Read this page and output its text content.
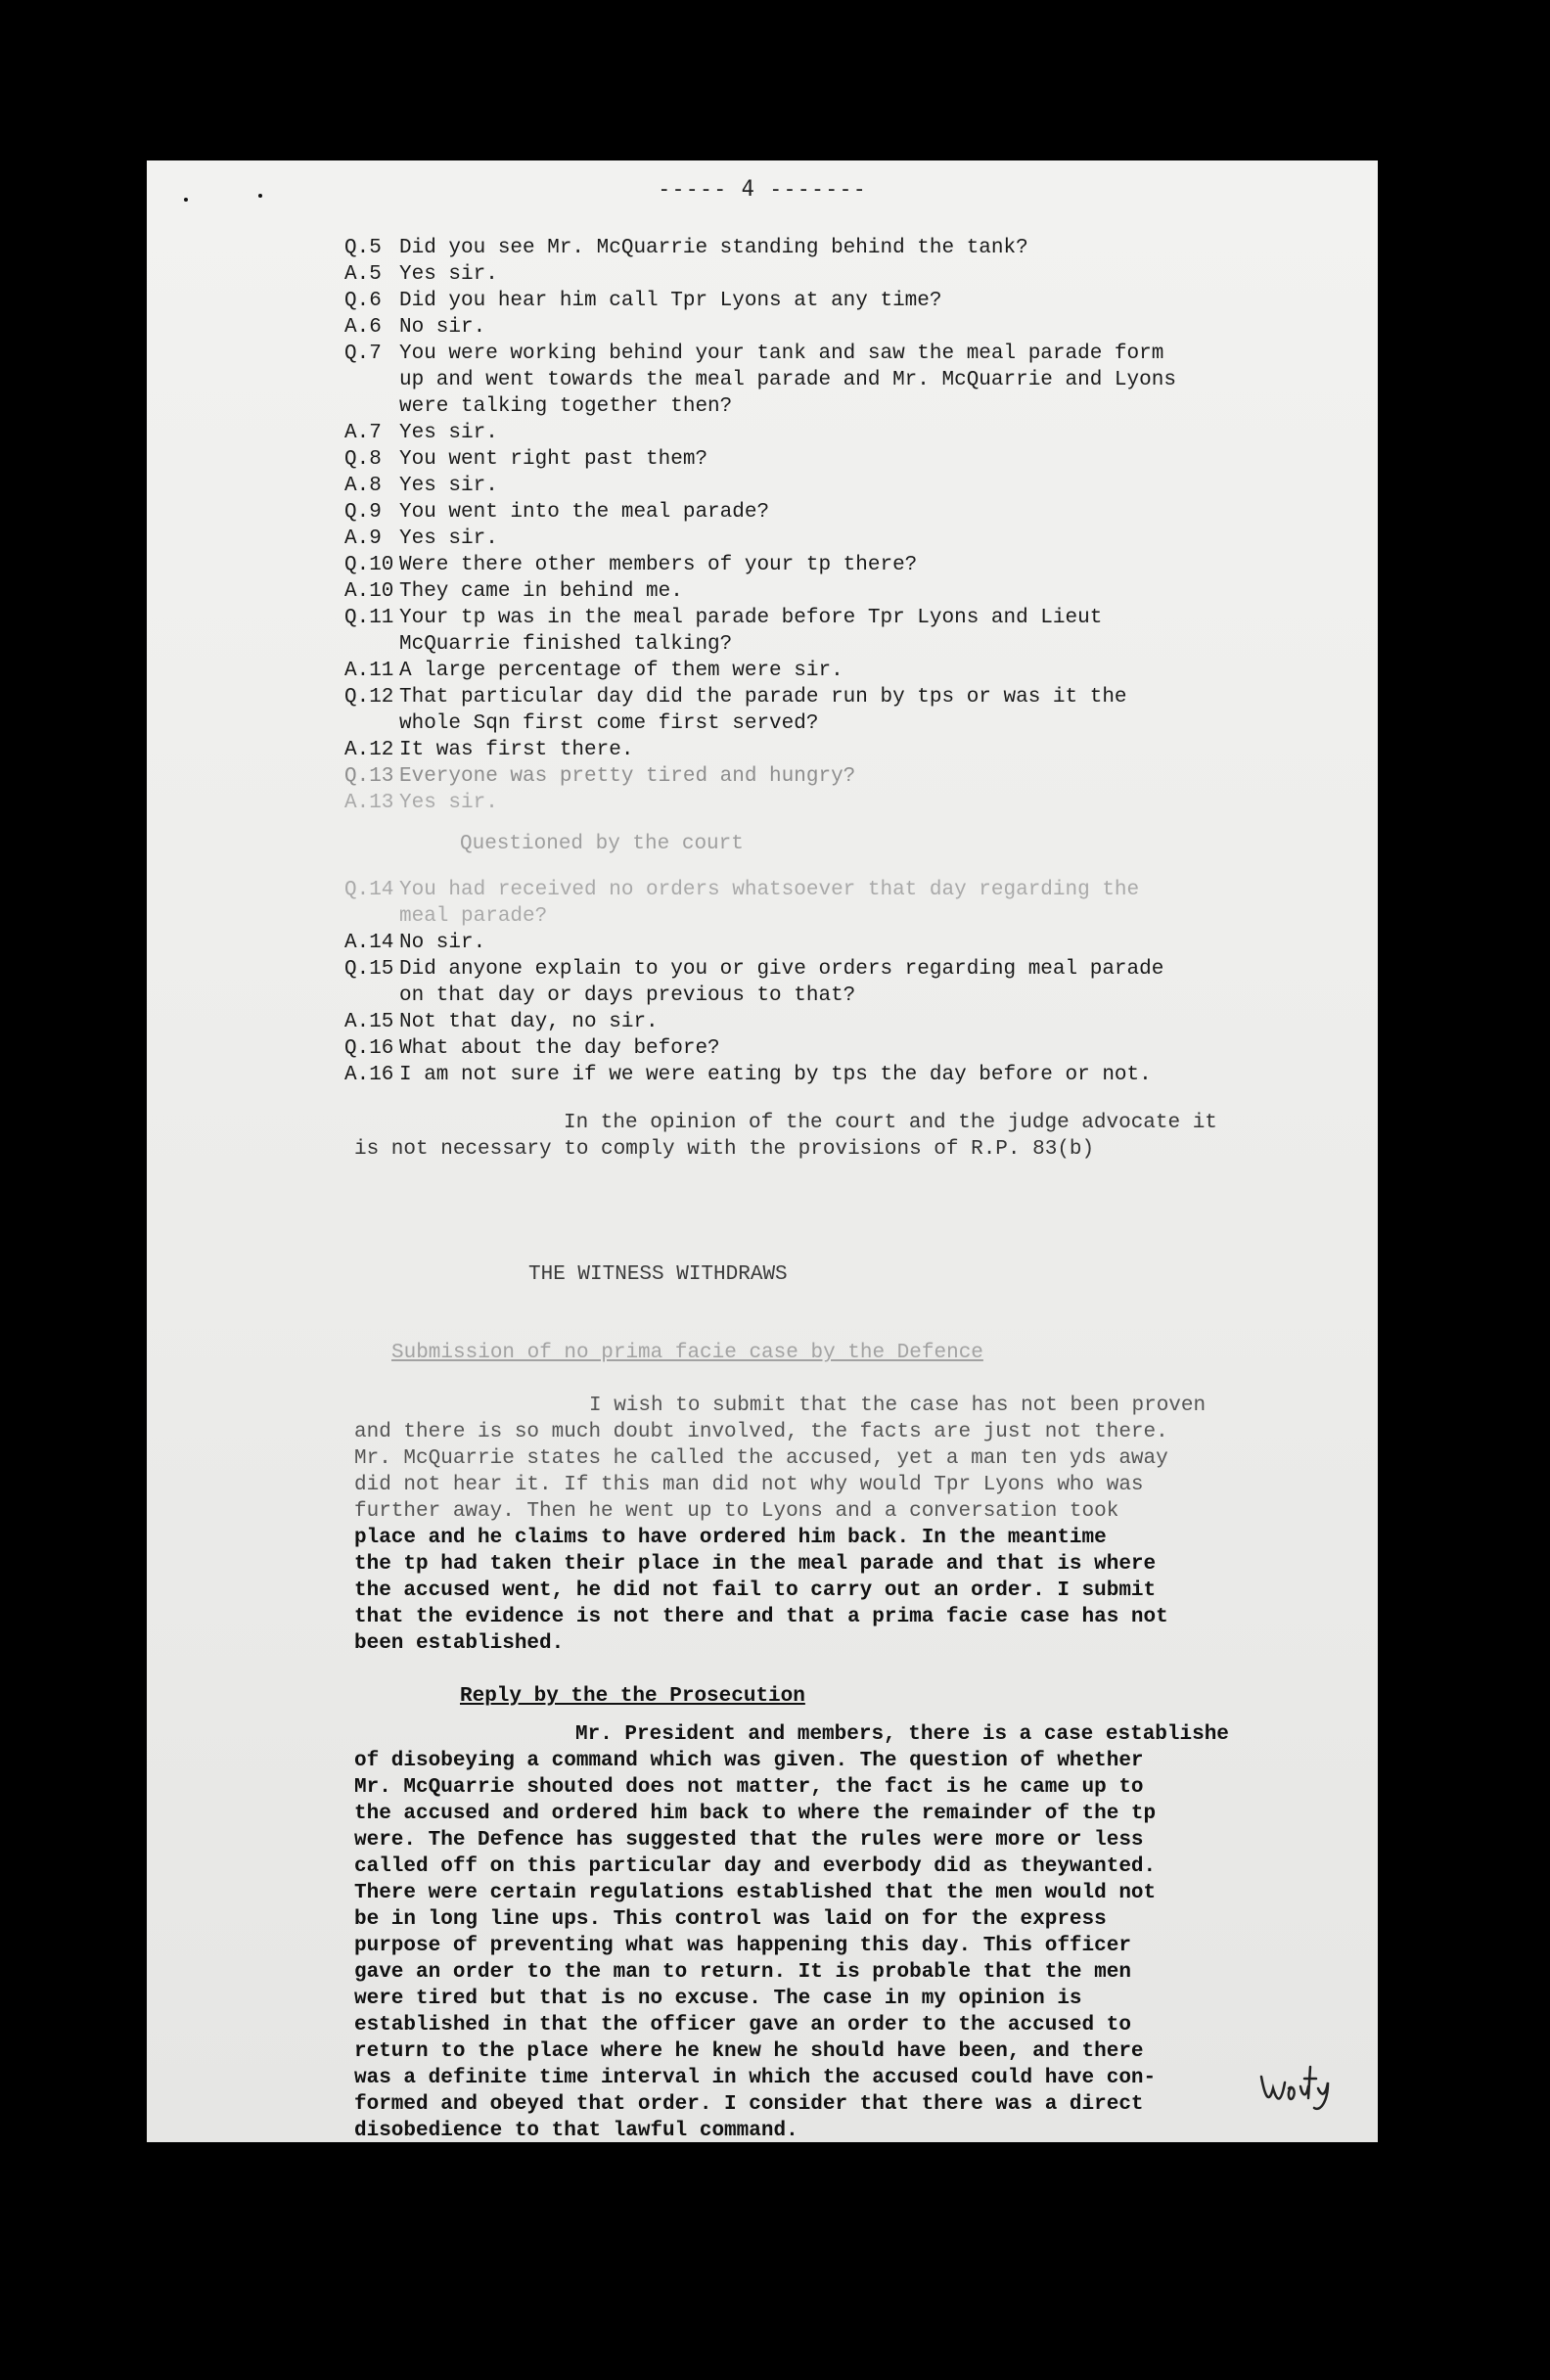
----- 4 -------
Q.5 Did you see Mr. McQuarrie standing behind the tank?
A.5 Yes sir.
Q.6 Did you hear him call Tpr Lyons at any time?
A.6 No sir.
Q.7 You were working behind your tank and saw the meal parade form
up and went towards the meal parade and Mr. McQuarrie and Lyons
were talking together then?
A.7 Yes sir.
Q.8 You went right past them?
A.8 Yes sir.
Q.9 You went into the meal parade?
A.9 Yes sir.
Q.10 Were there other members of your tp there?
A.10 They came in behind me.
Q.11 Your tp was in the meal parade before Tpr Lyons and Lieut
McQuarrie finished talking?
A.11 A large percentage of them were sir.
Q.12 That particular day did the parade run by tps or was it the
whole Sqn first come first served?
A.12 It was first there.
Q.13 Everyone was pretty tired and hungry?
A.13 Yes sir.
Questioned by the court
Q.14 You had received no orders whatsoever that day regarding the
meal parade?
A.14 No sir.
Q.15 Did anyone explain to you or give orders regarding meal parade
on that day or days previous to that?
A.15 Not that day, no sir.
Q.16 What about the day before?
A.16 I am not sure if we were eating by tps the day before or not.
In the opinion of the court and the judge advocate it
is not necessary to comply with the provisions of R.P. 83(b)
THE WITNESS WITHDRAWS
Submission of no prima facie case by the Defence
I wish to submit that the case has not been proven
and there is so much doubt involved, the facts are just not there.
Mr. McQuarrie states he called the accused, yet a man ten yds away
did not hear it. If this man did not why would Tpr Lyons who was
further away. Then he went up to Lyons and a conversation took
place and he claims to have ordered him back. In the meantime
the tp had taken their place in the meal parade and that is where
the accused went, he did not fail to carry out an order. I submit
that the evidence is not there and that a prima facie case has not
been established.
Reply by the the Prosecution
Mr. President and members, there is a case establishe
of disobeying a command which was given. The question of whether
Mr. McQuarrie shouted does not matter, the fact is he came up to
the accused and ordered him back to where the remainder of the tp
were. The Defence has suggested that the rules were more or less
called off on this particular day and everbody did as theywanted.
There were certain regulations established that the men would not
be in long line ups. This control was laid on for the express
purpose of preventing what was happening this day. This officer
gave an order to the man to return. It is probable that the men
were tired but that is no excuse. The case in my opinion is
established in that the officer gave an order to the accused to
return to the place where he knew he should have been, and there
was a definite time interval in which the accused could have con-
formed and obeyed that order. I consider that there was a direct
disobedience to that lawful command.
